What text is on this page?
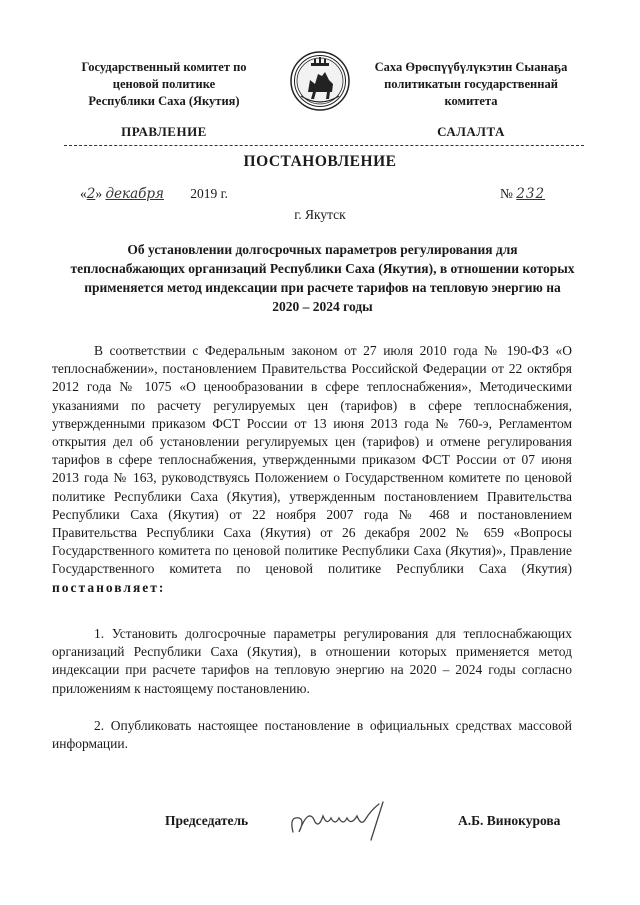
Государственный комитет по
ценовой политике
Республики Саха (Якутия)
Саха Өрөспүүбүлүкэтин Сыанаҕа
политикатын государственнай
комитета
ПРАВЛЕНИЕ	САЛАЛТА
ПОСТАНОВЛЕНИЕ
«2» декабря 2019 г.	№ 232
г. Якутск
Об установлении долгосрочных параметров регулирования для теплоснабжающих организаций Республики Саха (Якутия), в отношении которых применяется метод индексации при расчете тарифов на тепловую энергию на 2020 – 2024 годы
В соответствии с Федеральным законом от 27 июля 2010 года № 190-ФЗ «О теплоснабжении», постановлением Правительства Российской Федерации от 22 октября 2012 года № 1075 «О ценообразовании в сфере теплоснабжения», Методическими указаниями по расчету регулируемых цен (тарифов) в сфере теплоснабжения, утвержденными приказом ФСТ России от 13 июня 2013 года № 760-э, Регламентом открытия дел об установлении регулируемых цен (тарифов) и отмене регулирования тарифов в сфере теплоснабжения, утвержденными приказом ФСТ России от 07 июня 2013 года № 163, руководствуясь Положением о Государственном комитете по ценовой политике Республики Саха (Якутия), утвержденным постановлением Правительства Республики Саха (Якутия) от 22 ноября 2007 года № 468 и постановлением Правительства Республики Саха (Якутия) от 26 декабря 2002 № 659 «Вопросы Государственного комитета по ценовой политике Республики Саха (Якутия)», Правление Государственного комитета по ценовой политике Республики Саха (Якутия) постановляет:
1. Установить долгосрочные параметры регулирования для теплоснабжающих организаций Республики Саха (Якутия), в отношении которых применяется метод индексации при расчете тарифов на тепловую энергию на 2020 – 2024 годы согласно приложениям к настоящему постановлению.
2. Опубликовать настоящее постановление в официальных средствах массовой информации.
Председатель	А.Б. Винокурова
